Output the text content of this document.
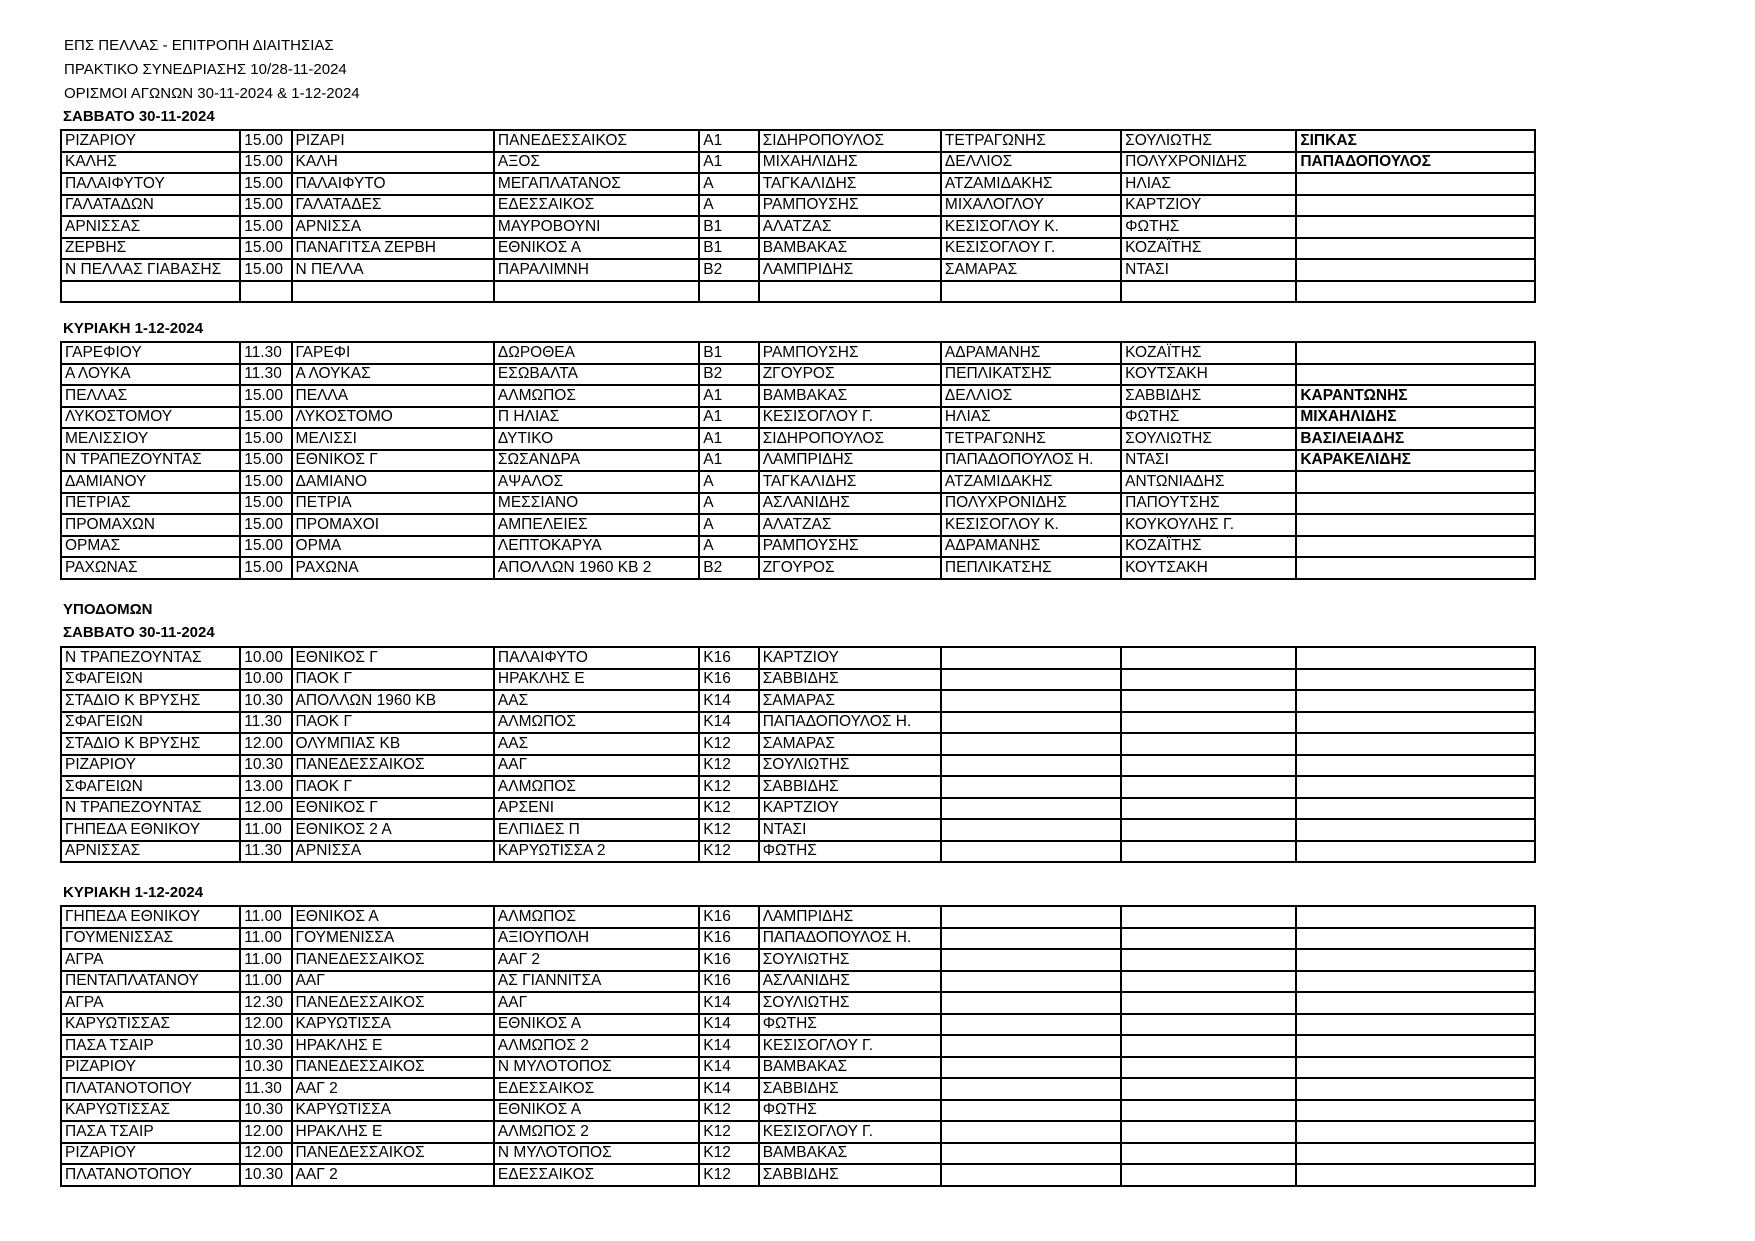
ΕΠΣ ΠΕΛΛΑΣ - ΕΠΙΤΡΟΠΗ ΔΙΑΙΤΗΣΙΑΣ
ΠΡΑΚΤΙΚΟ ΣΥΝΕΔΡΙΑΣΗΣ 10/28-11-2024
ΟΡΙΣΜΟΙ ΑΓΩΝΩΝ 30-11-2024 & 1-12-2024
ΣΑΒΒΑΤΟ 30-11-2024
ΡΙΖΑΡΙΟΥ	15.00	ΡΙΖΑΡΙ	ΠΑΝΕΔΕΣΣΑΙΚΟΣ	Α1	ΣΙΔΗΡΟΠΟΥΛΟΣ	ΤΕΤΡΑΓΩΝΗΣ	ΣΟΥΛΙΩΤΗΣ	ΣΙΠΚΑΣ
ΚΑΛΗΣ	15.00	ΚΑΛΗ	ΑΞΟΣ	Α1	ΜΙΧΑΗΛΙΔΗΣ	ΔΕΛΛΙΟΣ	ΠΟΛΥΧΡΟΝΙΔΗΣ	ΠΑΠΑΔΟΠΟΥΛΟΣ
ΠΑΛΑΙΦΥΤΟΥ	15.00	ΠΑΛΑΙΦΥΤΟ	ΜΕΓΑΠΛΑΤΑΝΟΣ	Α	ΤΑΓΚΑΛΙΔΗΣ	ΑΤΖΑΜΙΔΑΚΗΣ	ΗΛΙΑΣ	
ΓΑΛΑΤΑΔΩΝ	15.00	ΓΑΛΑΤΑΔΕΣ	ΕΔΕΣΣΑΙΚΟΣ	Α	ΡΑΜΠΟΥΣΗΣ	ΜΙΧΑΛΟΓΛΟΥ	ΚΑΡΤΖΙΟΥ	
ΑΡΝΙΣΣΑΣ	15.00	ΑΡΝΙΣΣΑ	ΜΑΥΡΟΒΟΥΝΙ	Β1	ΑΛΑΤΖΑΣ	ΚΕΣΙΣΟΓΛΟΥ Κ.	ΦΩΤΗΣ	
ΖΕΡΒΗΣ	15.00	ΠΑΝΑΓΙΤΣΑ ΖΕΡΒΗ	ΕΘΝΙΚΟΣ Α	Β1	ΒΑΜΒΑΚΑΣ	ΚΕΣΙΣΟΓΛΟΥ Γ.	ΚΟΖΑΪΤΗΣ	
Ν ΠΕΛΛΑΣ ΓΙΑΒΑΣΗΣ	15.00	Ν ΠΕΛΛΑ	ΠΑΡΑΛΙΜΝΗ	Β2	ΛΑΜΠΡΙΔΗΣ	ΣΑΜΑΡΑΣ	ΝΤΑΣΙ	

ΚΥΡΙΑΚΗ 1-12-2024
ΓΑΡΕΦΙΟΥ	11.30	ΓΑΡΕΦΙ	ΔΩΡΟΘΕΑ	Β1	ΡΑΜΠΟΥΣΗΣ	ΑΔΡΑΜΑΝΗΣ	ΚΟΖΑΪΤΗΣ	
Α ΛΟΥΚΑ	11.30	Α ΛΟΥΚΑΣ	ΕΣΩΒΑΛΤΑ	Β2	ΖΓΟΥΡΟΣ	ΠΕΠΛΙΚΑΤΣΗΣ	ΚΟΥΤΣΑΚΗ	
ΠΕΛΛΑΣ	15.00	ΠΕΛΛΑ	ΑΛΜΩΠΟΣ	Α1	ΒΑΜΒΑΚΑΣ	ΔΕΛΛΙΟΣ	ΣΑΒΒΙΔΗΣ	ΚΑΡΑΝΤΩΝΗΣ
ΛΥΚΟΣΤΟΜΟΥ	15.00	ΛΥΚΟΣΤΟΜΟ	Π ΗΛΙΑΣ	Α1	ΚΕΣΙΣΟΓΛΟΥ Γ.	ΗΛΙΑΣ	ΦΩΤΗΣ	ΜΙΧΑΗΛΙΔΗΣ
ΜΕΛΙΣΣΙΟΥ	15.00	ΜΕΛΙΣΣΙ	ΔΥΤΙΚΟ	Α1	ΣΙΔΗΡΟΠΟΥΛΟΣ	ΤΕΤΡΑΓΩΝΗΣ	ΣΟΥΛΙΩΤΗΣ	ΒΑΣΙΛΕΙΑΔΗΣ
Ν ΤΡΑΠΕΖΟΥΝΤΑΣ	15.00	ΕΘΝΙΚΟΣ Γ	ΣΩΣΑΝΔΡΑ	Α1	ΛΑΜΠΡΙΔΗΣ	ΠΑΠΑΔΟΠΟΥΛΟΣ Η.	ΝΤΑΣΙ	ΚΑΡΑΚΕΛΙΔΗΣ
ΔΑΜΙΑΝΟΥ	15.00	ΔΑΜΙΑΝΟ	ΑΨΑΛΟΣ	Α	ΤΑΓΚΑΛΙΔΗΣ	ΑΤΖΑΜΙΔΑΚΗΣ	ΑΝΤΩΝΙΑΔΗΣ	
ΠΕΤΡΙΑΣ	15.00	ΠΕΤΡΙΑ	ΜΕΣΣΙΑΝΟ	Α	ΑΣΛΑΝΙΔΗΣ	ΠΟΛΥΧΡΟΝΙΔΗΣ	ΠΑΠΟΥΤΣΗΣ	
ΠΡΟΜΑΧΩΝ	15.00	ΠΡΟΜΑΧΟΙ	ΑΜΠΕΛΕΙΕΣ	Α	ΑΛΑΤΖΑΣ	ΚΕΣΙΣΟΓΛΟΥ Κ.	ΚΟΥΚΟΥΛΗΣ Γ.	
ΟΡΜΑΣ	15.00	ΟΡΜΑ	ΛΕΠΤΟΚΑΡΥΑ	Α	ΡΑΜΠΟΥΣΗΣ	ΑΔΡΑΜΑΝΗΣ	ΚΟΖΑΪΤΗΣ	
ΡΑΧΩΝΑΣ	15.00	ΡΑΧΩΝΑ	ΑΠΟΛΛΩΝ 1960 ΚΒ 2	Β2	ΖΓΟΥΡΟΣ	ΠΕΠΛΙΚΑΤΣΗΣ	ΚΟΥΤΣΑΚΗ	
ΥΠΟΔΟΜΩΝ
ΣΑΒΒΑΤΟ 30-11-2024
Ν ΤΡΑΠΕΖΟΥΝΤΑΣ	10.00	ΕΘΝΙΚΟΣ Γ	ΠΑΛΑΙΦΥΤΟ	Κ16	ΚΑΡΤΖΙΟΥ			
ΣΦΑΓΕΙΩΝ	10.00	ΠΑΟΚ Γ	ΗΡΑΚΛΗΣ Ε	Κ16	ΣΑΒΒΙΔΗΣ			
ΣΤΑΔΙΟ Κ ΒΡΥΣΗΣ	10.30	ΑΠΟΛΛΩΝ 1960 ΚΒ	ΑΑΣ	Κ14	ΣΑΜΑΡΑΣ			
ΣΦΑΓΕΙΩΝ	11.30	ΠΑΟΚ Γ	ΑΛΜΩΠΟΣ	Κ14	ΠΑΠΑΔΟΠΟΥΛΟΣ Η.			
ΣΤΑΔΙΟ Κ ΒΡΥΣΗΣ	12.00	ΟΛΥΜΠΙΑΣ ΚΒ	ΑΑΣ	Κ12	ΣΑΜΑΡΑΣ			
ΡΙΖΑΡΙΟΥ	10.30	ΠΑΝΕΔΕΣΣΑΙΚΟΣ	ΑΑΓ	Κ12	ΣΟΥΛΙΩΤΗΣ			
ΣΦΑΓΕΙΩΝ	13.00	ΠΑΟΚ Γ	ΑΛΜΩΠΟΣ	Κ12	ΣΑΒΒΙΔΗΣ			
Ν ΤΡΑΠΕΖΟΥΝΤΑΣ	12.00	ΕΘΝΙΚΟΣ Γ	ΑΡΣΕΝΙ	Κ12	ΚΑΡΤΖΙΟΥ			
ΓΗΠΕΔΑ ΕΘΝΙΚΟΥ	11.00	ΕΘΝΙΚΟΣ 2 Α	ΕΛΠΙΔΕΣ Π	Κ12	ΝΤΑΣΙ			
ΑΡΝΙΣΣΑΣ	11.30	ΑΡΝΙΣΣΑ	ΚΑΡΥΩΤΙΣΣΑ 2	Κ12	ΦΩΤΗΣ			
ΚΥΡΙΑΚΗ 1-12-2024
ΓΗΠΕΔΑ ΕΘΝΙΚΟΥ	11.00	ΕΘΝΙΚΟΣ Α	ΑΛΜΩΠΟΣ	Κ16	ΛΑΜΠΡΙΔΗΣ			
ΓΟΥΜΕΝΙΣΣΑΣ	11.00	ΓΟΥΜΕΝΙΣΣΑ	ΑΞΙΟΥΠΟΛΗ	Κ16	ΠΑΠΑΔΟΠΟΥΛΟΣ Η.			
ΑΓΡΑ	11.00	ΠΑΝΕΔΕΣΣΑΙΚΟΣ	ΑΑΓ 2	Κ16	ΣΟΥΛΙΩΤΗΣ			
ΠΕΝΤΑΠΛΑΤΑΝΟΥ	11.00	ΑΑΓ	ΑΣ ΓΙΑΝΝΙΤΣΑ	Κ16	ΑΣΛΑΝΙΔΗΣ			
ΑΓΡΑ	12.30	ΠΑΝΕΔΕΣΣΑΙΚΟΣ	ΑΑΓ	Κ14	ΣΟΥΛΙΩΤΗΣ			
ΚΑΡΥΩΤΙΣΣΑΣ	12.00	ΚΑΡΥΩΤΙΣΣΑ	ΕΘΝΙΚΟΣ Α	Κ14	ΦΩΤΗΣ			
ΠΑΣΑ ΤΣΑΙΡ	10.30	ΗΡΑΚΛΗΣ Ε	ΑΛΜΩΠΟΣ 2	Κ14	ΚΕΣΙΣΟΓΛΟΥ Γ.			
ΡΙΖΑΡΙΟΥ	10.30	ΠΑΝΕΔΕΣΣΑΙΚΟΣ	Ν ΜΥΛΟΤΟΠΟΣ	Κ14	ΒΑΜΒΑΚΑΣ			
ΠΛΑΤΑΝΟΤΟΠΟΥ	11.30	ΑΑΓ 2	ΕΔΕΣΣΑΙΚΟΣ	Κ14	ΣΑΒΒΙΔΗΣ			
ΚΑΡΥΩΤΙΣΣΑΣ	10.30	ΚΑΡΥΩΤΙΣΣΑ	ΕΘΝΙΚΟΣ Α	Κ12	ΦΩΤΗΣ			
ΠΑΣΑ ΤΣΑΙΡ	12.00	ΗΡΑΚΛΗΣ Ε	ΑΛΜΩΠΟΣ 2	Κ12	ΚΕΣΙΣΟΓΛΟΥ Γ.			
ΡΙΖΑΡΙΟΥ	12.00	ΠΑΝΕΔΕΣΣΑΙΚΟΣ	Ν ΜΥΛΟΤΟΠΟΣ	Κ12	ΒΑΜΒΑΚΑΣ			
ΠΛΑΤΑΝΟΤΟΠΟΥ	10.30	ΑΑΓ 2	ΕΔΕΣΣΑΙΚΟΣ	Κ12	ΣΑΒΒΙΔΗΣ			
